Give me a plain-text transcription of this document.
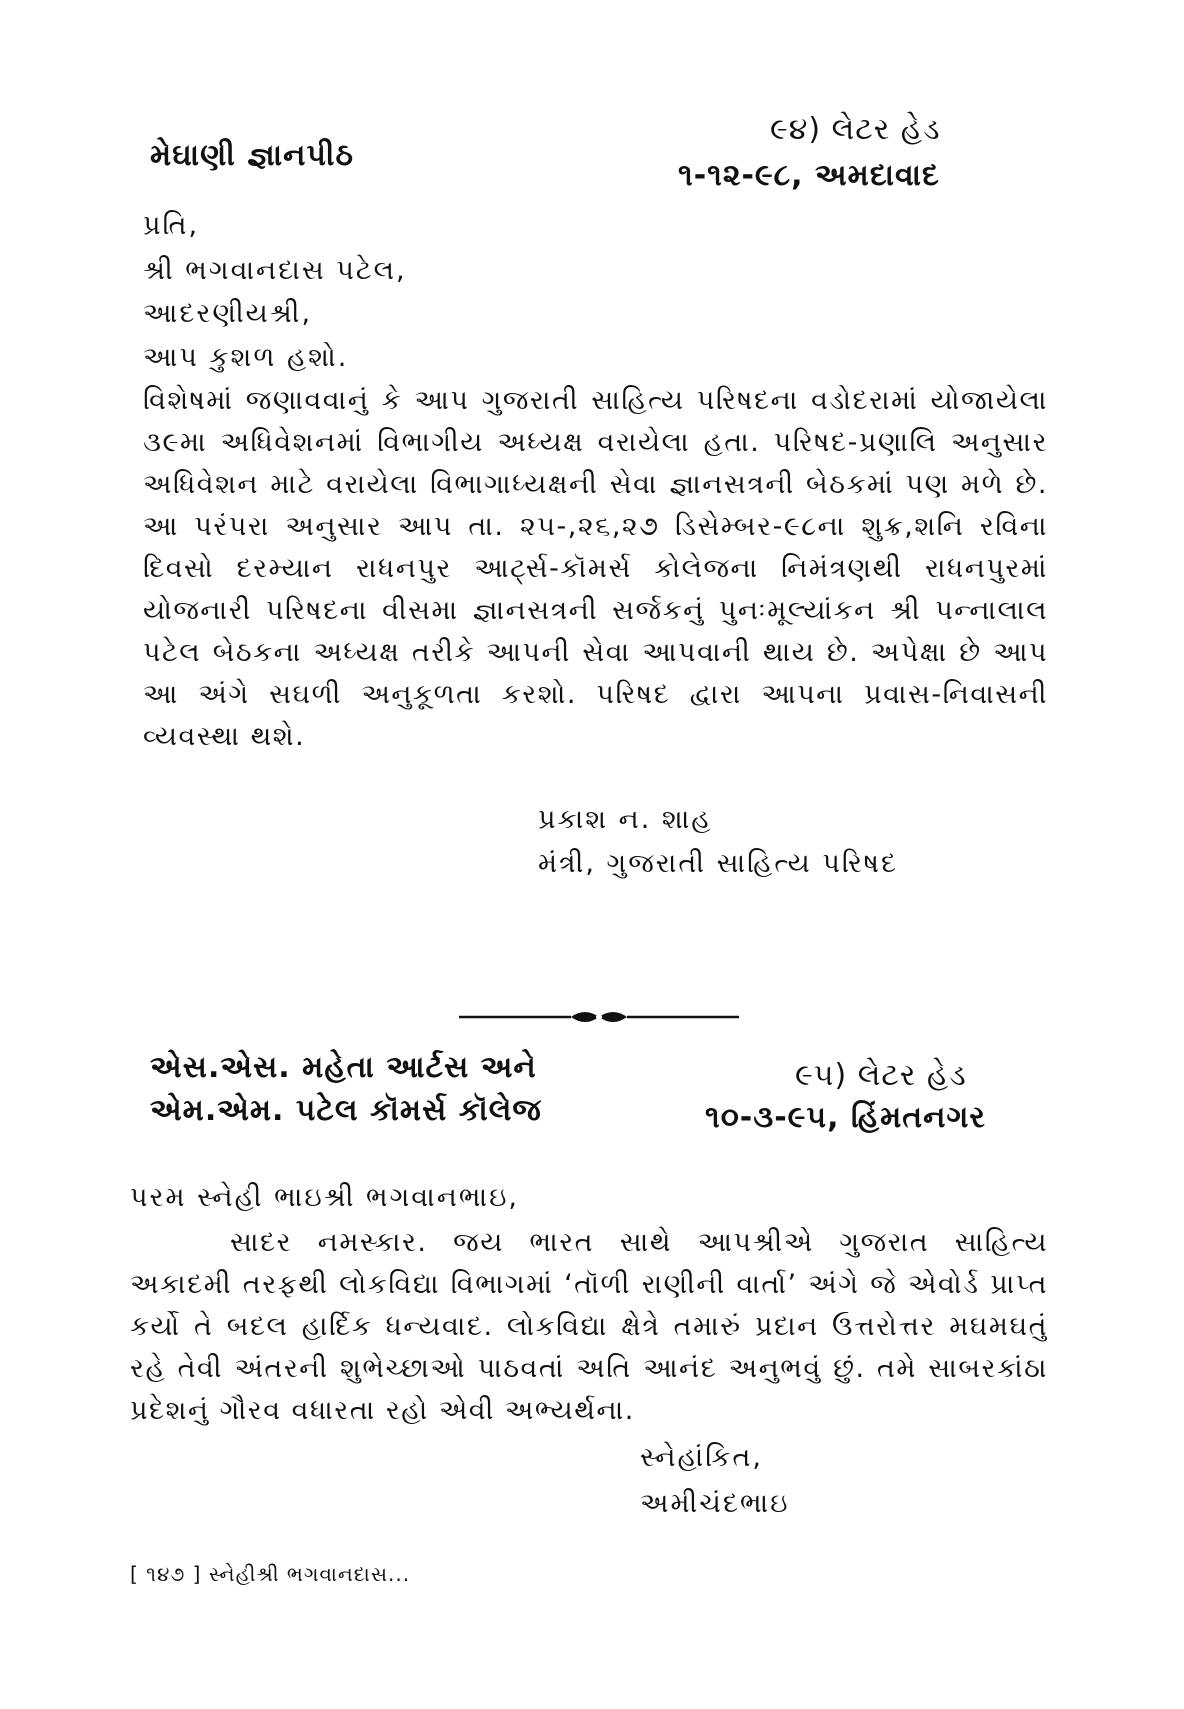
મેઘાણી જ્ઞાનપીઠ
૯૪) લેટર હેડ
૧-૧૨-૯૮, અમદાવાદ
પ્રતિ,
શ્રી ભગવાનદાસ પટેલ,
આદરણીયશ્રી,
આપ કુશળ હશો.

વિશેષમાં જણાવવાનું કે આપ ગુજરાતી સાહિત્ય પરિષદના વડોદરામાં યોજાયેલા ૩૯મા અધિવેશનમાં વિભાગીય અધ્યક્ષ વરાયેલા હતા. પરિષદ-પ્રણાલિ અનુસાર અધિવેશન માટે વરાયેલા વિભાગાધ્યક્ષની સેવા જ્ઞાનસત્રની બેઠકમાં પણ મળે છે. આ પરંપરા અનુસાર આપ તા. ૨૫-,૨૬,૨૭ ડિસેમ્બર-૯૮ના શુક્ર,શનિ રવિના દિવસો દરમ્યાન રાધનપુર આર્ટ્સ-કૉમર્સ કોલેજના નિમંત્રણથી રાધનપુરમાં યોજનારી પરિષદના વીસમા જ્ઞાનસત્રની સર્જકનું પુનઃમૂલ્યાંકન શ્રી પન્નાલાલ પટેલ બેઠકના અધ્યક્ષ તરીકે આપની સેવા આપવાની થાય છે. અપેક્ષા છે આપ આ અંગે સઘળી અનુકૂળતા કરશો. પરિષદ દ્વારા આપના પ્રવાસ-નિવાસની વ્યવસ્થા થશે.

પ્રકાશ ન. શાહ
મંત્રી, ગુજરાતી સાહિત્ય પરિષદ
એસ.એસ. મહેતા આર્ટસ અને
એમ.એમ. પટેલ કૉમર્સ કૉલેજ
૯૫) લેટર હેડ
૧૦-૩-૯૫, હિંમતનગર
પરમ સ્નેહી ભાઇશ્રી ભગવાનભાઇ,

સાદર નમસ્કાર. જય ભારત સાથે આપશ્રીએ ગુજરાત સાહિત્ય અકાદમી તરફથી લોકવિદ્યા વિભાગમાં ‘તૉળી રાણીની વાર્તા’ અંગે જે એવોર્ડ પ્રાપ્ત કર્યો તે બદલ હાર્દિક ધન્યવાદ. લોકવિદ્યા ક્ષેત્રે તમારું પ્રદાન ઉત્તરોત્તર મઘમઘતું રહે તેવી અંતરની શુભેચ્છાઓ પાઠવતાં અતિ આનંદ અનુભવું છું. તમે સાબરકાંઠા પ્રદેશનું ગૌરવ વધારતા રહો એવી અભ્યર્થના.

સ્નેહાંકિત,
અમીચંદભાઇ
[ ૧૪૭ ] સ્નેહીશ્રી ભગવાનદાસ...
